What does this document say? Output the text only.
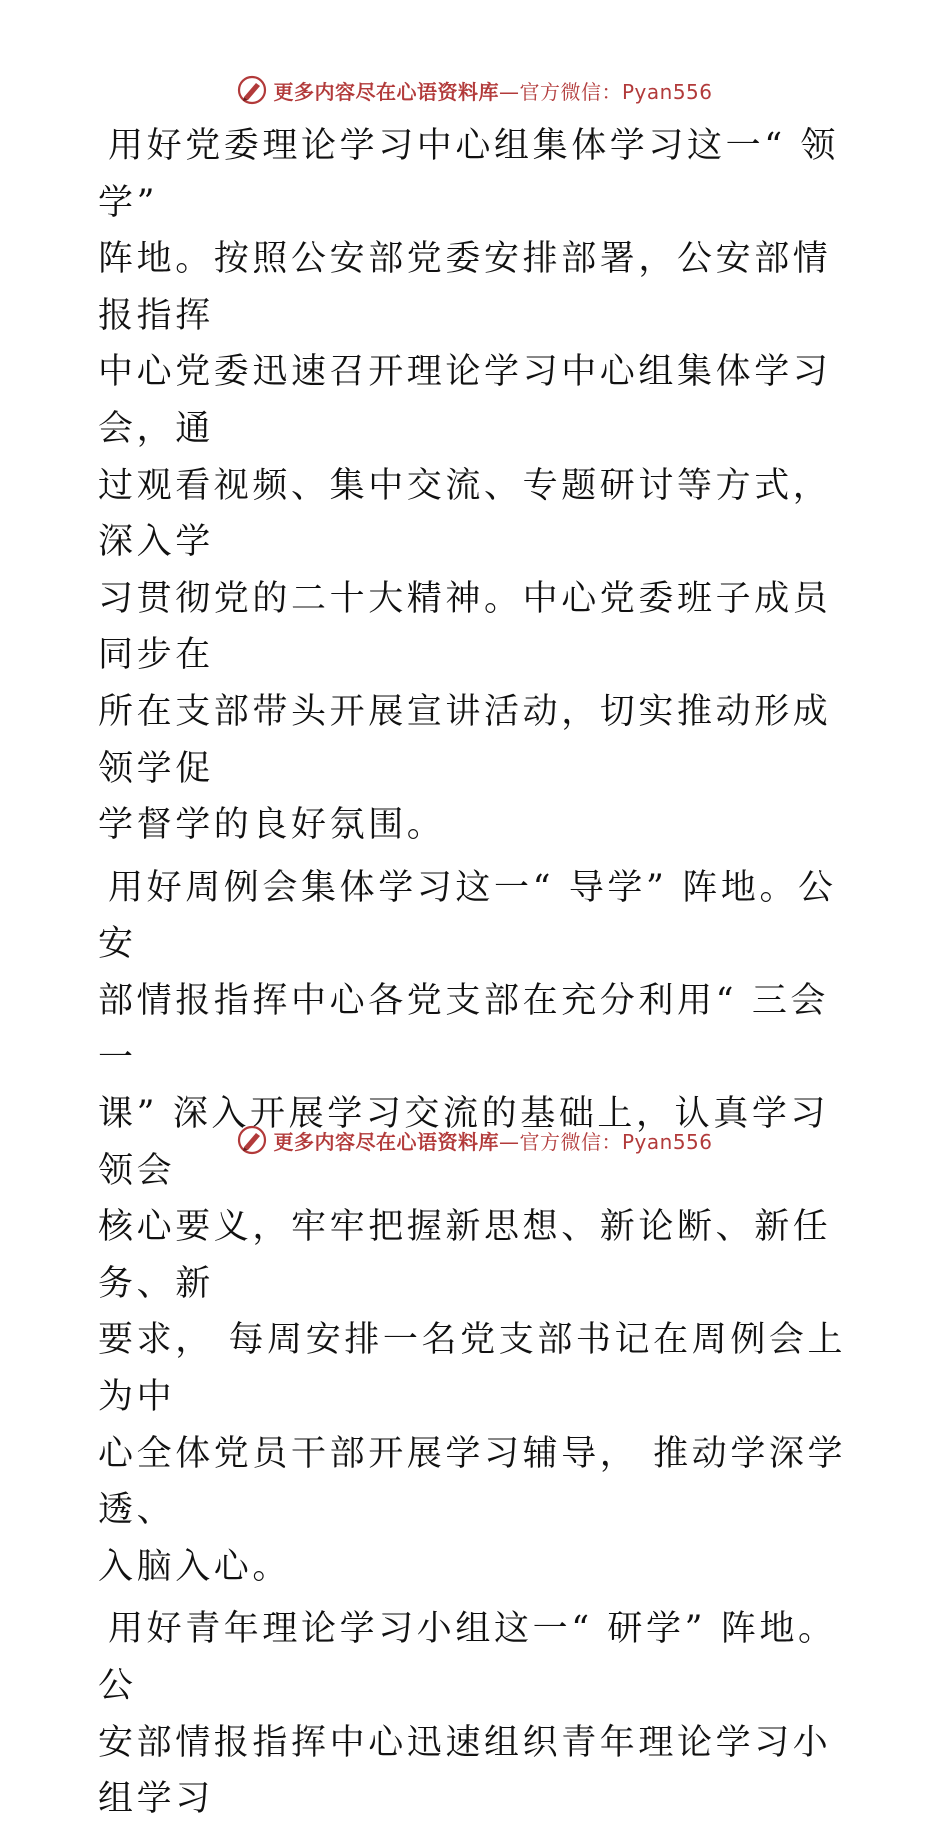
更多内容尽在心语资料库—官方微信：Pyan556

用好党委理论学习中心组集体学习这一“ 领学”
阵地。按照公安部党委安排部署，公安部情报指挥
中心党委迅速召开理论学习中心组集体学习会，通
过观看视频、集中交流、专题研讨等方式，深入学
习贯彻党的二十大精神。中心党委班子成员同步在
所在支部带头开展宣讲活动，切实推动形成领学促
学督学的良好氛围。

用好周例会集体学习这一“ 导学” 阵地。公安
部情报指挥中心各党支部在充分利用“ 三会一
课” 深入开展学习交流的基础上，认真学习领会
核心要义，牢牢把握新思想、新论断、新任务、新
要求， 每周安排一名党支部书记在周例会上为中
心全体党员干部开展学习辅导， 推动学深学透、
入脑入心。

用好青年理论学习小组这一“ 研学” 阵地。公
安部情报指挥中心迅速组织青年理论学习小组学习

更多内容尽在心语资料库—官方微信：Pyan556
